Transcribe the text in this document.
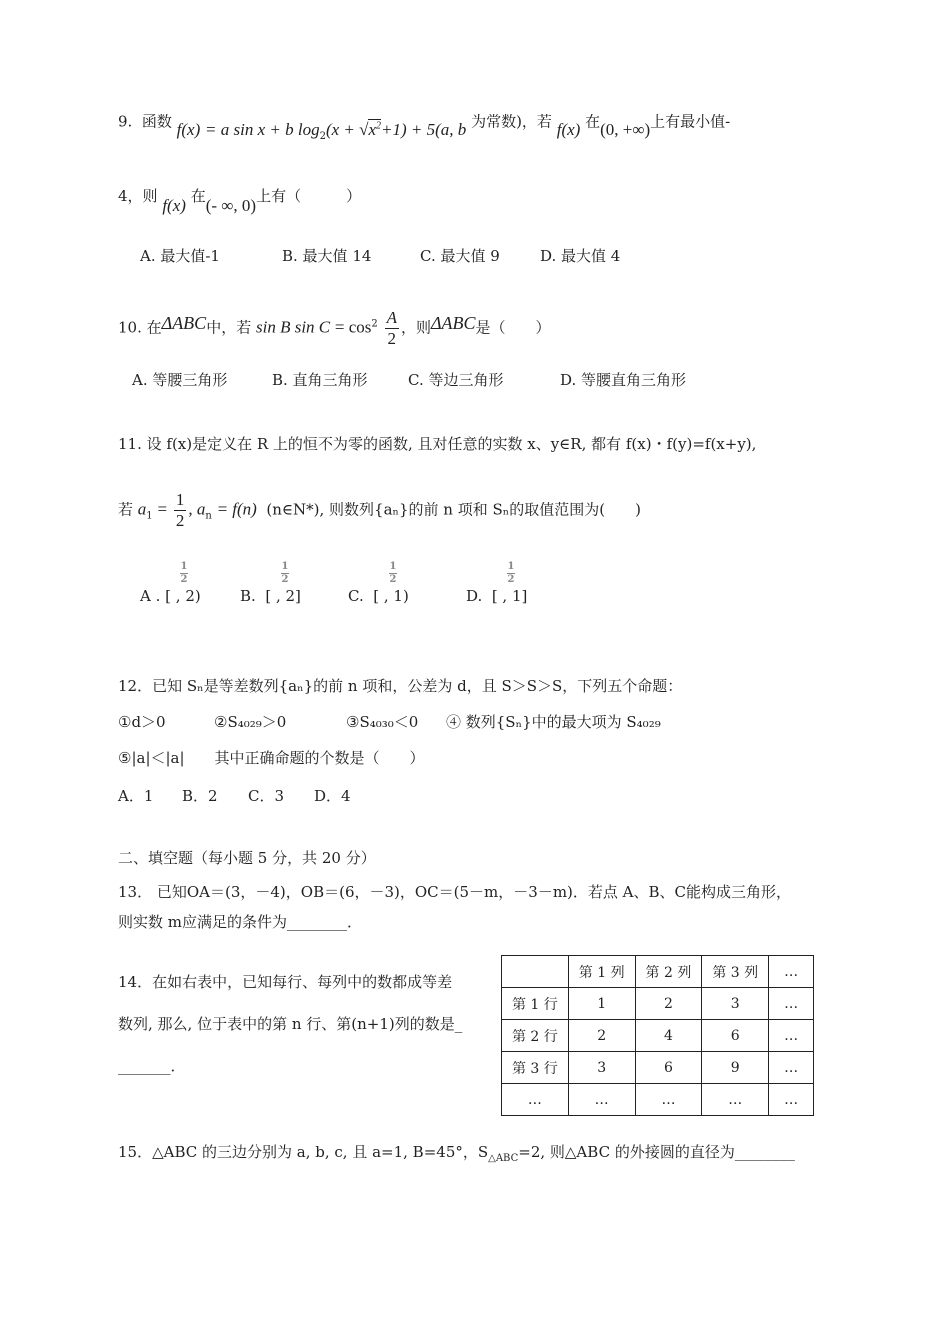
9. 函数 f(x) = a sin x + b $\log_2(x + √x^2+1) + 5(a$, b 为常数)，若 f(x) 在(0, +∞)上有最小值-
4，则 f(x) 在(- ∞, 0)上有（　　　）
A. 最大值-1	B. 最大值 14	C. 最大值 9	D. 最大值 4
10. 在ΔABC中，若 sin B $\sin C = \cos^2 \frac{A}{2}$ ，则ΔABC是（　　）
A. 等腰三角形	B. 直角三角形	C. 等边三角形	D. 等腰直角三角形
11. 设 f(x)是定义在 R 上的恒不为零的函数, 且对任意的实数 x、y∈R, 都有 f(x)・f(y)=f(x+y),
若 $a_1 = \frac{1}{2}$ , $a_n = f(n)$ (n∈N*), 则数列{aₙ}的前 n 项和 Sₙ的取值范围为(　　)
A . [ , 2)
1
2
B. [ , 2]
1
2
C. [ , 1)
1
2
D. [ , 1]
1
2
12．已知 Sₙ是等差数列{aₙ}的前 n 项和，公差为 d，且 S＞S＞S，下列五个命题：
①d＞0	②S₄₀₂₉＞0	③S₄₀₃₀＜0 ④ 数列{Sₙ}中的最大项为 S₄₀₂₉
⑤|a|＜|a|　　其中正确命题的个数是（　　）
A．1 B．2 C．3 D．4
二、填空题（每小题 5 分，共 20 分）
13． 已知OA＝(3，－4)，OB＝(6，－3)，OC＝(5－m，－3－m)．若点 A、B、C能构成三角形，
则实数 m应满足的条件为________．
14．在如右表中，已知每行、每列中的数都成等差
数列, 那么, 位于表中的第 n 行、第(n+1)列的数是_
_______．
	第 1 列	第 2 列	第 3 列	…
第 1 行	1	2	3	…
第 2 行	2	4	6	…
第 3 行	3	6	9	…
…	…	…	…	…
15．△ABC 的三边分别为 a, b, c, 且 a=1, B=45°，$S_{\triangle ABC}=2$, 则△ABC 的外接圆的直径为________
